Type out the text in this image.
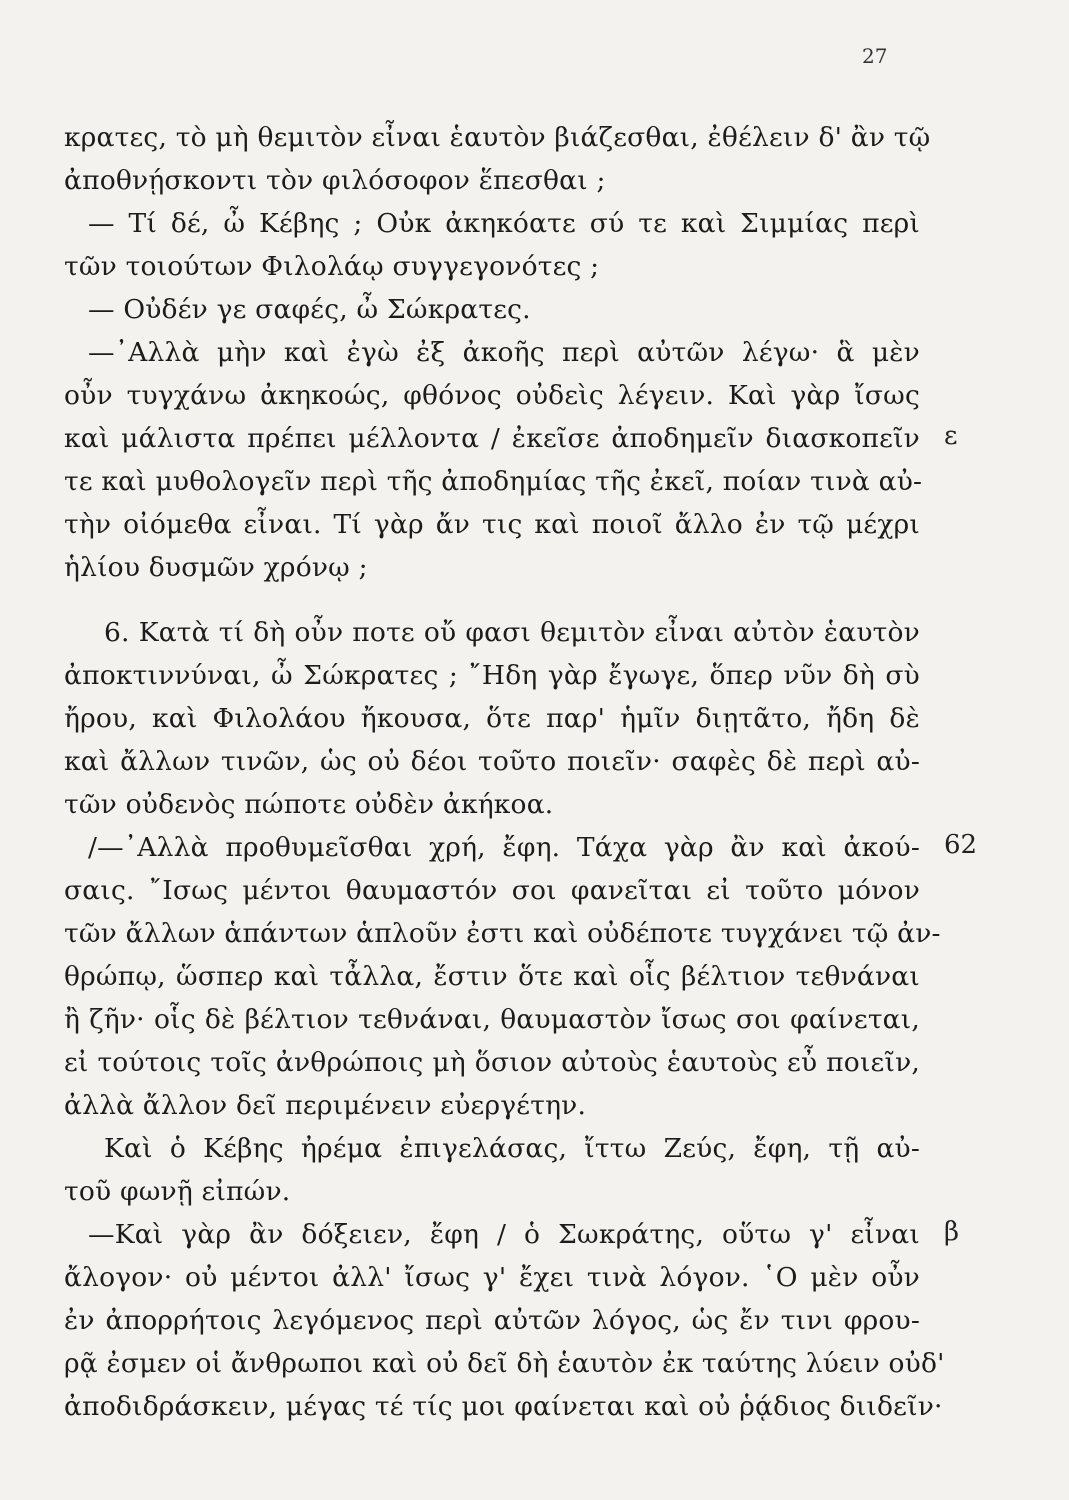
27
κρατες, τὸ μὴ θεμιτὸν εἶναι ἑαυτὸν βιάζεσθαι, ἐθέλειν δ' ἂν τῷ
ἀποθνῄσκοντι τὸν φιλόσοφον ἕπεσθαι ;
— Τί δέ, ὦ Κέβης ; Οὐκ ἀκηκόατε σύ τε καὶ Σιμμίας περὶ
τῶν τοιούτων Φιλολάῳ συγγεγονότες ;
— Οὐδέν γε σαφές, ὦ Σώκρατες.
—᾿Αλλὰ μὴν καὶ ἐγὼ ἐξ ἀκοῆς περὶ αὐτῶν λέγω· ἃ μὲν
οὖν τυγχάνω ἀκηκοώς, φθόνος οὐδεὶς λέγειν. Καὶ γὰρ ἴσως
καὶ μάλιστα πρέπει μέλλοντα / ἐκεῖσε ἀποδημεῖν διασκοπεῖν
τε καὶ μυθολογεῖν περὶ τῆς ἀποδημίας τῆς ἐκεῖ, ποίαν τινὰ αὐ-
τὴν οἰόμεθα εἶναι. Τί γὰρ ἄν τις καὶ ποιοῖ ἄλλο ἐν τῷ μέχρι
ἡλίου δυσμῶν χρόνῳ ;
6. Κατὰ τί δὴ οὖν ποτε οὔ φασι θεμιτὸν εἶναι αὐτὸν ἑαυτὸν
ἀποκτιννύναι, ὦ Σώκρατες ; ῎Ηδη γὰρ ἔγωγε, ὅπερ νῦν δὴ σὺ
ἤρου, καὶ Φιλολάου ἤκουσα, ὅτε παρ' ἡμῖν διῃτᾶτο, ἤδη δὲ
καὶ ἄλλων τινῶν, ὡς οὐ δέοι τοῦτο ποιεῖν· σαφὲς δὲ περὶ αὐ-
τῶν οὐδενὸς πώποτε οὐδὲν ἀκήκοα.
/—᾿Αλλὰ προθυμεῖσθαι χρή, ἔφη. Τάχα γὰρ ἂν καὶ ἀκού-
σαις. ῎Ισως μέντοι θαυμαστόν σοι φανεῖται εἰ τοῦτο μόνον
τῶν ἄλλων ἁπάντων ἁπλοῦν ἐστι καὶ οὐδέποτε τυγχάνει τῷ ἀν-
θρώπῳ, ὥσπερ καὶ τἆλλα, ἔστιν ὅτε καὶ οἷς βέλτιον τεθνάναι
ἢ ζῆν· οἷς δὲ βέλτιον τεθνάναι, θαυμαστὸν ἴσως σοι φαίνεται,
εἰ τούτοις τοῖς ἀνθρώποις μὴ ὅσιον αὐτοὺς ἑαυτοὺς εὖ ποιεῖν,
ἀλλὰ ἄλλον δεῖ περιμένειν εὐεργέτην.
Καὶ ὁ Κέβης ἠρέμα ἐπιγελάσας, ἴττω Ζεύς, ἔφη, τῇ αὐ-
τοῦ φωνῇ εἰπών.
—Καὶ γὰρ ἂν δόξειεν, ἔφη / ὁ Σωκράτης, οὕτω γ' εἶναι
ἄλογον· οὐ μέντοι ἀλλ' ἴσως γ' ἔχει τινὰ λόγον. ῾Ο μὲν οὖν
ἐν ἀπορρήτοις λεγόμενος περὶ αὐτῶν λόγος, ὡς ἔν τινι φρου-
ρᾷ ἐσμεν οἱ ἄνθρωποι καὶ οὐ δεῖ δὴ ἑαυτὸν ἐκ ταύτης λύειν οὐδ'
ἀποδιδράσκειν, μέγας τέ τίς μοι φαίνεται καὶ οὐ ῥᾴδιος διιδεῖν·
ε
62
β
